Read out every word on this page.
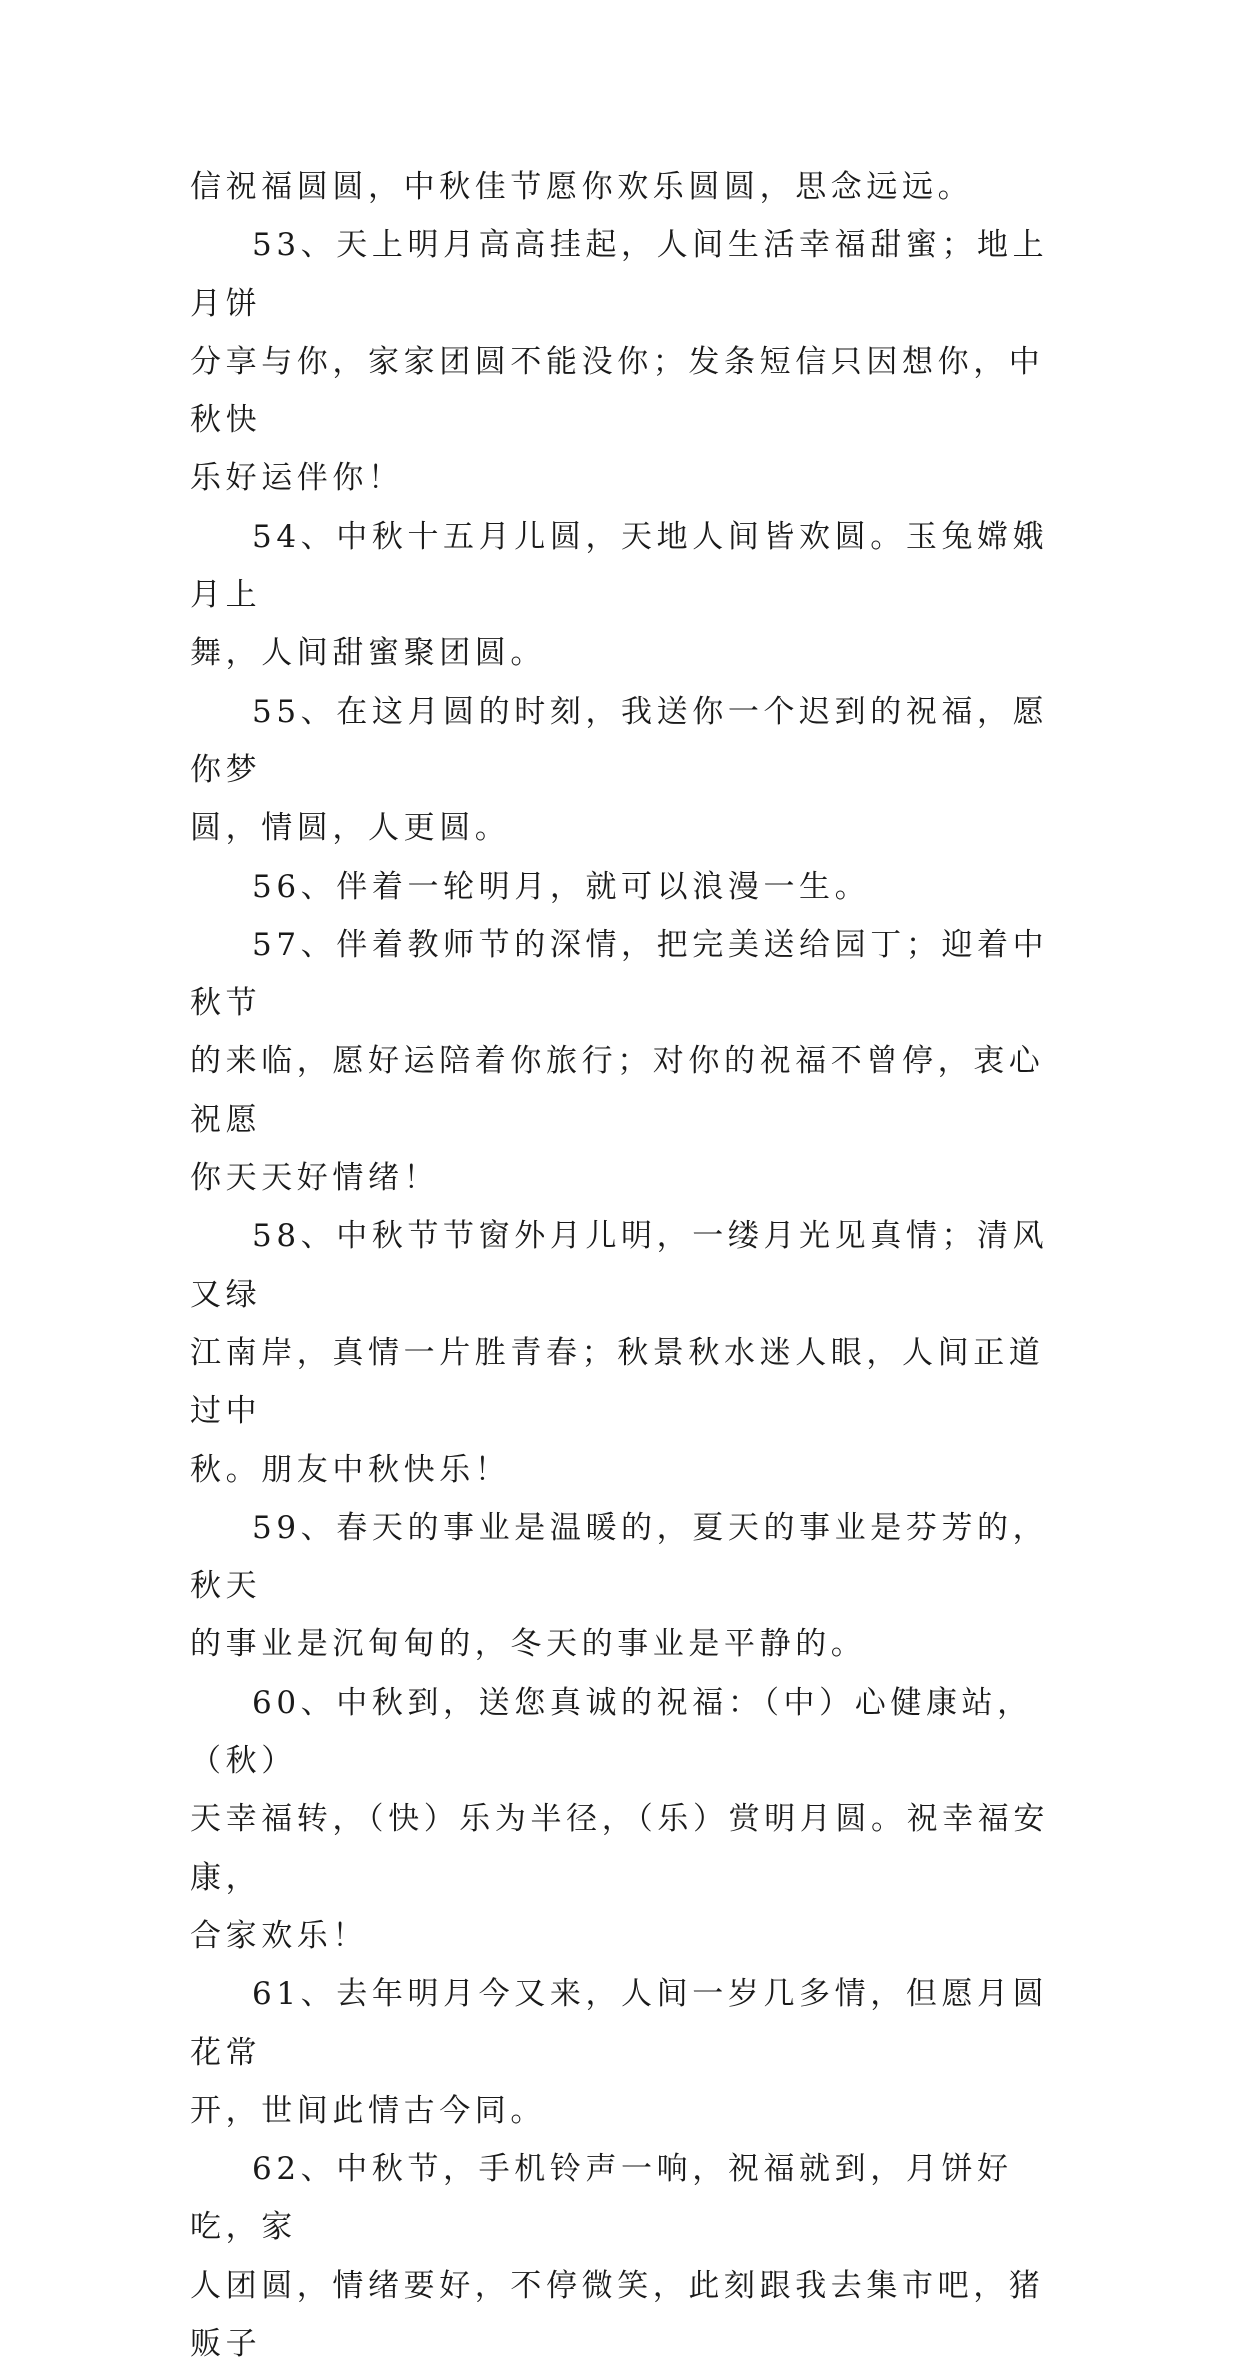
信祝福圆圆，中秋佳节愿你欢乐圆圆，思念远远。

53、天上明月高高挂起，人间生活幸福甜蜜；地上月饼
分享与你，家家团圆不能没你；发条短信只因想你，中秋快
乐好运伴你！

54、中秋十五月儿圆，天地人间皆欢圆。玉兔嫦娥月上
舞，人间甜蜜聚团圆。

55、在这月圆的时刻，我送你一个迟到的祝福，愿你梦
圆，情圆，人更圆。

56、伴着一轮明月，就可以浪漫一生。

57、伴着教师节的深情，把完美送给园丁；迎着中秋节
的来临，愿好运陪着你旅行；对你的祝福不曾停，衷心祝愿
你天天好情绪！

58、中秋节节窗外月儿明，一缕月光见真情；清风又绿
江南岸，真情一片胜青春；秋景秋水迷人眼，人间正道过中
秋。朋友中秋快乐！

59、春天的事业是温暖的，夏天的事业是芬芳的，秋天
的事业是沉甸甸的，冬天的事业是平静的。

60、中秋到，送您真诚的祝福：（中）心健康站，（秋）
天幸福转，（快）乐为半径，（乐）赏明月圆。祝幸福安康，
合家欢乐！

61、去年明月今又来，人间一岁几多情，但愿月圆花常
开，世间此情古今同。

62、中秋节，手机铃声一响，祝福就到，月饼好吃，家
人团圆，情绪要好，不停微笑，此刻跟我去集市吧，猪贩子
